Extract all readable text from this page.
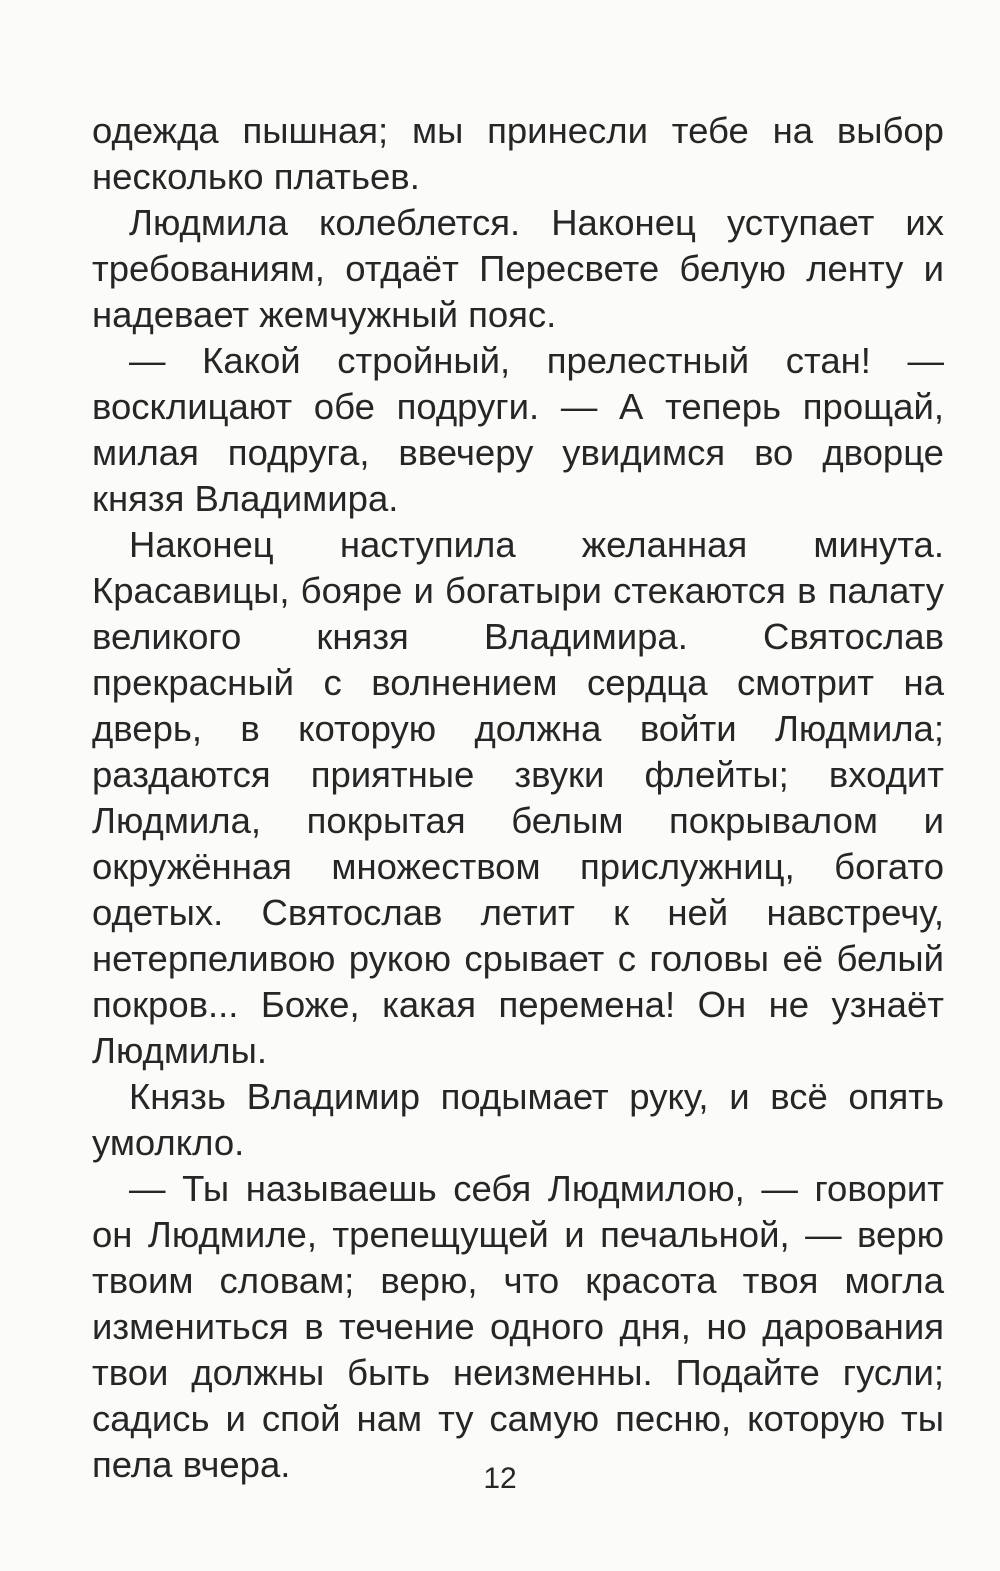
одежда пышная; мы принесли тебе на выбор несколько платьев.

Людмила колеблется. Наконец уступает их требованиям, отдаёт Пересвете белую ленту и надевает жемчужный пояс.

— Какой стройный, прелестный стан! — восклицают обе подруги. — А теперь прощай, милая подруга, ввечеру увидимся во дворце князя Владимира.

Наконец наступила желанная минута. Красавицы, бояре и богатыри стекаются в палату великого князя Владимира. Святослав прекрасный с волнением сердца смотрит на дверь, в которую должна войти Людмила; раздаются приятные звуки флейты; входит Людмила, покрытая белым покрывалом и окружённая множеством прислужниц, богато одетых. Святослав летит к ней навстречу, нетерпеливою рукою срывает с головы её белый покров... Боже, какая перемена! Он не узнаёт Людмилы.

Князь Владимир подымает руку, и всё опять умолкло.

— Ты называешь себя Людмилою, — говорит он Людмиле, трепещущей и печальной, — верю твоим словам; верю, что красота твоя могла измениться в течение одного дня, но дарования твои должны быть неизменны. Подайте гусли; садись и спой нам ту самую песню, которую ты пела вчера.	12
